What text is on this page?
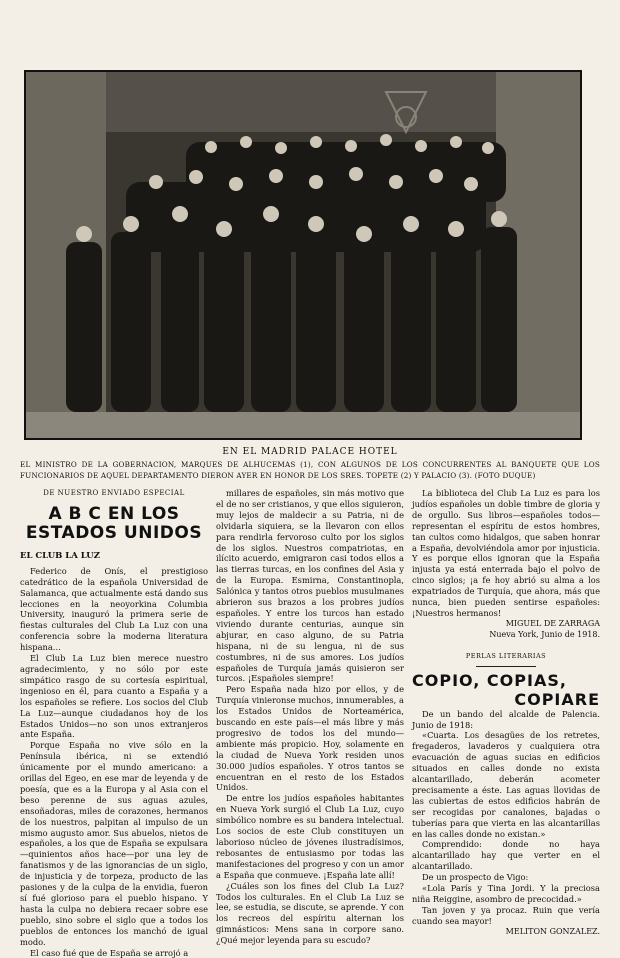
EN EL MADRID PALACE HOTEL
EL MINISTRO DE LA GOBERNACION, MARQUES DE ALHUCEMAS (1), CON ALGUNOS DE LOS CONCURRENTES AL BANQUETE QUE LOS FUNCIONARIOS DE AQUEL DEPARTAMENTO DIERON AYER EN HONOR DE LOS SRES. TOPETE (2) Y PALACIO (3). (FOTO DUQUE)
DE NUESTRO ENVIADO ESPECIAL
A B C EN LOS ESTADOS UNIDOS
EL CLUB LA LUZ

Federico de Onís, el prestigioso catedrático de la española Universidad de Salamanca, que actualmente está dando sus lecciones en la neoyorkina Columbia University, inauguró la primera serie de fiestas culturales del Club La Luz con una conferencia sobre la moderna literatura hispana...

El Club La Luz bien merece nuestro agradecimiento, y no sólo por este simpático rasgo de su cortesía espiritual, ingenioso en él, para cuanto a España y a los españoles se refiere. Los socios del Club La Luz—aunque ciudadanos hoy de los Estados Unidos—no son unos extranjeros ante España.

Porque España no vive sólo en la Península ibérica, ni se extendió únicamente por el mundo americano: a orillas del Egeo, en ese mar de leyenda y de poesía, que es a la Europa y al Asia con el beso perenne de sus aguas azules, ensoñadoras, miles de corazones, hermanos de los nuestros, palpitan al impulso de un mismo augusto amor. Sus abuelos, nietos de españoles, a los que de España se expulsara—quinientos años hace—por una ley de fanatismos y de las ignorancias de un siglo, de injusticia y de torpeza, producto de las pasiones y de la culpa de la envidia, fueron sí fué glorioso para el pueblo hispano. Y hasta la culpa no debiera recaer sobre ese pueblo, sino sobre el siglo que a todos los pueblos de entonces los manchó de igual modo.

El caso fué que de España se arrojó a

millares de españoles, sin más motivo que el de no ser cristianos, y que ellos siguieron, muy lejos de maldecir a su Patria, ni de olvidarla siquiera, se la llevaron con ellos para rendirla fervoroso culto por los siglos de los siglos. Nuestros compatriotas, en ilícito acuerdo, emigraron casi todos ellos a las tierras turcas, en los confines del Asia y de la Europa. Esmirna, Constantinopla, Salónica y tantos otros pueblos musulmanes abrieron sus brazos a los probres judíos españoles. Y entre los turcos han estado viviendo durante centurias, aunque sin abjurar, en caso alguno, de su Patria hispana, ni de su lengua, ni de sus costumbres, ni de sus amores. Los judíos españoles de Turquía jamás quisieron ser turcos. ¡Españoles siempre!

Pero España nada hizo por ellos, y de Turquía vinieronse muchos, innumerables, a los Estados Unidos de Norteamérica, buscando en este país—el más libre y más progresivo de todos los del mundo—ambiente más propicio. Hoy, solamente en la ciudad de Nueva York residen unos 30.000 judíos españoles. Y otros tantos se encuentran en el resto de los Estados Unidos.

De entre los judíos españoles habitantes en Nueva York surgió el Club La Luz, cuyo simbólico nombre es su bandera intelectual. Los socios de este Club constituyen un laborioso núcleo de jóvenes ilustradísimos, rebosantes de entusiasmo por todas las manifestaciones del progreso y con un amor a España que conmueve. ¡España late allí!

¿Cuáles son los fines del Club La Luz? Todos los culturales. En el Club La Luz se lee, se estudia, se discute, se aprende. Y con los recreos del espíritu alternan los gimnásticos: Mens sana in corpore sano. ¿Qué mejor leyenda para su escudo?

La biblioteca del Club La Luz es para los judíos españoles un doble timbre de gloria y de orgullo. Sus libros—españoles todos—representan el espíritu de estos hombres, tan cultos como hidalgos, que saben honrar a España, devolviéndola amor por injusticia. Y es porque ellos ignoran que la España injusta ya está enterrada bajo el polvo de cinco siglos; ¡a fe hoy abrió su alma a los expatriados de Turquía, que ahora, más que nunca, bien pueden sentirse españoles: ¡Nuestros hermanos!

MIGUEL DE ZARRAGA
Nueva York, Junio de 1918.
PERLAS LITERARIAS
COPIO, COPIAS,
COPIARE

De un bando del alcalde de Palencia. Junio de 1918:

«Cuarta. Los desagües de los retretes, fregaderos, lavaderos y cualquiera otra evacuación de aguas sucias en edificios situados en calles donde no exista alcantarillado, deberán acometer precisamente a éste. Las aguas llovidas de las cubiertas de estos edificios habrán de ser recogidas por canalones, bajadas o tuberías para que vierta en las alcantarillas en las calles donde no existan.»

Comprendido: donde no haya alcantarillado hay que verter en el alcantarillado.

De un prospecto de Vigo:

«Lola París y Tina Jordi. Y la preciosa niña Reiggine, asombro de precocidad.»

Tan joven y ya procaz. Ruin que vería cuando sea mayor!

MELITON GONZALEZ.
